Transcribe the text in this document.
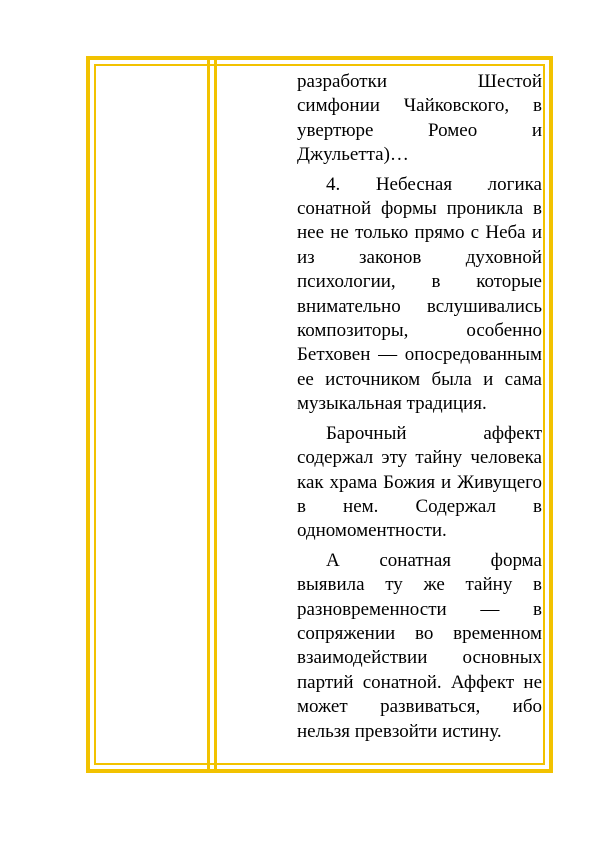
разработки Шестой симфонии Чайковского, в увертюре Ромео и Джульетта)…

4. Небесная логика сонатной формы проникла в нее не только прямо с Неба и из законов духовной психологии, в которые внимательно вслушивались композиторы, особенно Бетховен — опосредованным ее источником была и сама музыкальная традиция.

Барочный аффект содержал эту тайну человека как храма Божия и Живущего в нем. Содержал в одномоментности.

А сонатная форма выявила ту же тайну в разновременности — в сопряжении во временном взаимодействии основных партий сонатной. Аффект не может развиваться, ибо нельзя превзойти истину.
